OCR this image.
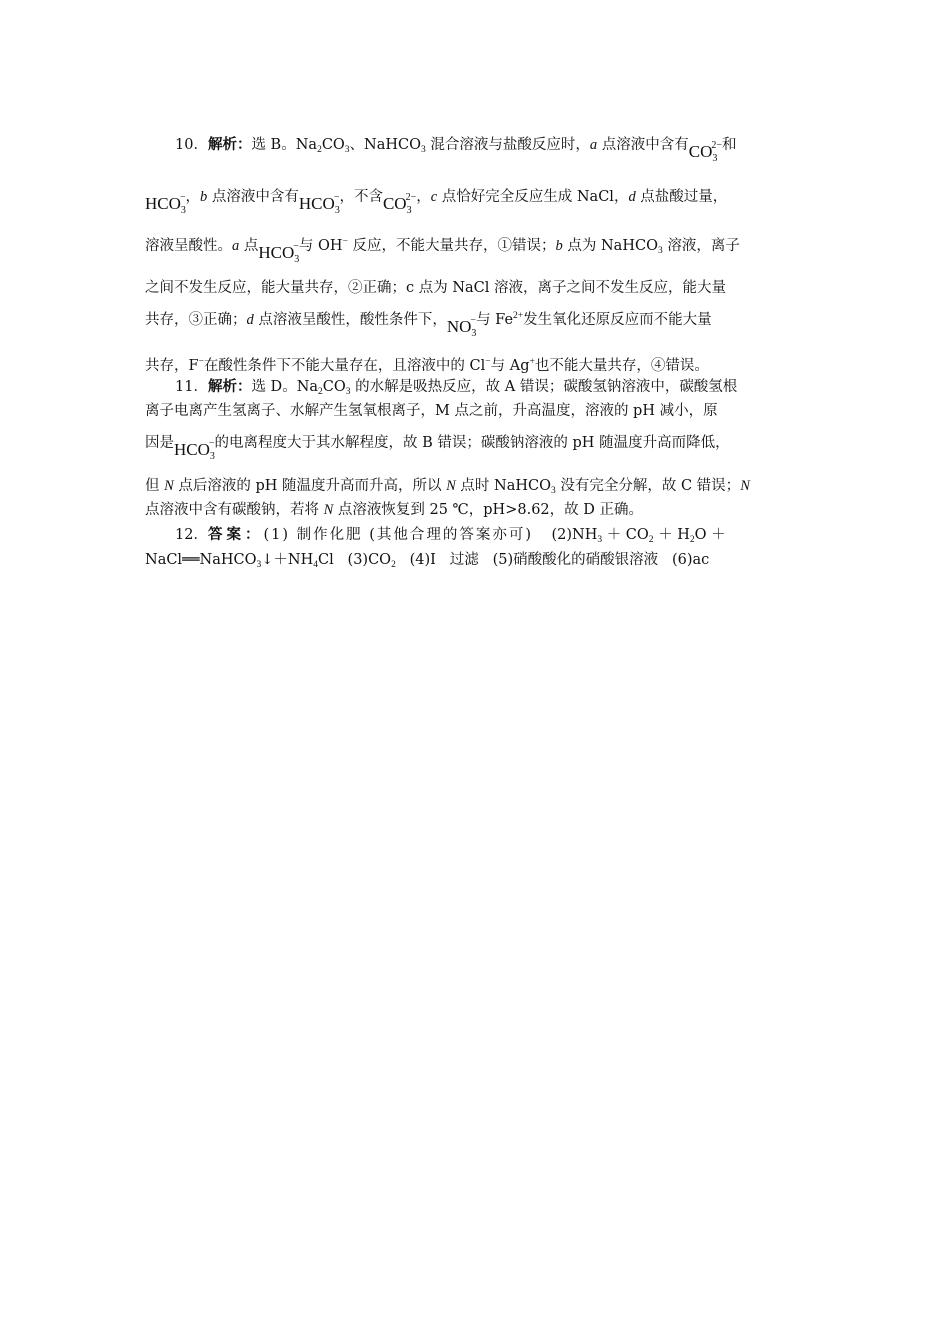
10．解析：选 B。$Na_2CO_3$、NaHCO$_3$ 混合溶液与盐酸反应时，a 点溶液中含有$CO_3^{2-}$和
$HCO_3^-$，b 点溶液中含有$HCO_3^-$，不含$CO_3^{2-}$，c 点恰好完全反应生成 NaCl，d 点盐酸过量，
溶液呈酸性。a 点$HCO_3^-$与 OH− 反应，不能大量共存，①错误；b 点为 NaHCO$_3$ 溶液，离子
之间不发生反应，能大量共存，②正确；c 点为 NaCl 溶液，离子之间不发生反应，能大量
共存，③正确；d 点溶液呈酸性，酸性条件下，$NO_3^-$与 $Fe^{2+}$发生氧化还原反应而不能大量
共存，F−在酸性条件下不能大量存在，且溶液中的 Cl−与 Ag+也不能大量共存，④错误。
11．解析：选 D。$Na_2CO_3$ 的水解是吸热反应，故 A 错误；碳酸氢钠溶液中，碳酸氢根
离子电离产生氢离子、水解产生氢氧根离子，M 点之前，升高温度，溶液的 pH 减小，原
因是$HCO_3^-$的电离程度大于其水解程度，故 B 错误；碳酸钠溶液的 pH 随温度升高而降低，
但 N 点后溶液的 pH 随温度升高而升高，所以 N 点时 NaHCO$_3$ 没有完全分解，故 C 错误；N
点溶液中含有碳酸钠，若将 N 点溶液恢复到 25 ℃，pH>8.62，故 D 正确。
12．答案：(1) 制作化肥 (其他合理的答案亦可) $(2)NH_3 + CO_2 + H_2O$ ＋
$NaCl══NaHCO_3↓+NH_4Cl$ $(3)CO_2$ (4)Ⅰ 过滤 (5)硝酸酸化的硝酸银溶液 (6)ac
